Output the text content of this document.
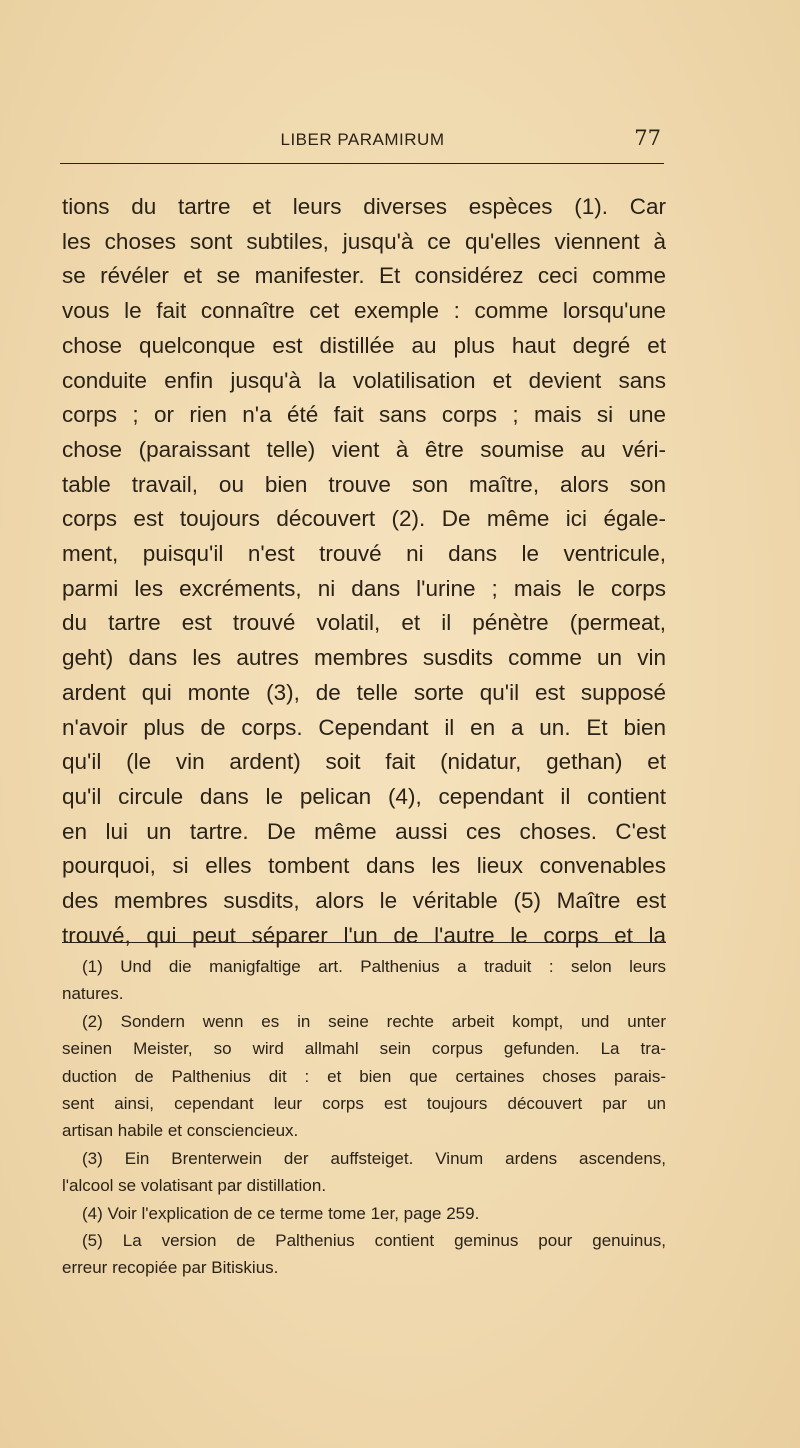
LIBER PARAMIRUM	77
tions du tartre et leurs diverses espèces (1). Car
les choses sont subtiles, jusqu'à ce qu'elles viennent à
se révéler et se manifester. Et considérez ceci comme
vous le fait connaître cet exemple : comme lorsqu'une
chose quelconque est distillée au plus haut degré et
conduite enfin jusqu'à la volatilisation et devient sans
corps ; or rien n'a été fait sans corps ; mais si une
chose (paraissant telle) vient à être soumise au véri-
table travail, ou bien trouve son maître, alors son
corps est toujours découvert (2). De même ici égale-
ment, puisqu'il n'est trouvé ni dans le ventricule,
parmi les excréments, ni dans l'urine ; mais le corps
du tartre est trouvé volatil, et il pénètre (permeat,
geht) dans les autres membres susdits comme un vin
ardent qui monte (3), de telle sorte qu'il est supposé
n'avoir plus de corps. Cependant il en a un. Et bien
qu'il (le vin ardent) soit fait (nidatur, gethan) et
qu'il circule dans le pelican (4), cependant il contient
en lui un tartre. De même aussi ces choses. C'est
pourquoi, si elles tombent dans les lieux convenables
des membres susdits, alors le véritable (5) Maître est
trouvé, qui peut séparer l'un de l'autre le corps et la
(1) Und die manigfaltige art. Palthenius a traduit : selon leurs
natures.
(2) Sondern wenn es in seine rechte arbeit kompt, und unter
seinen Meister, so wird allmahl sein corpus gefunden. La tra-
duction de Palthenius dit : et bien que certaines choses parais-
sent ainsi, cependant leur corps est toujours découvert par un
artisan habile et consciencieux.
(3) Ein Brenterwein der auffsteiget. Vinum ardens ascendens,
l'alcool se volatisant par distillation.
(4) Voir l'explication de ce terme tome 1er, page 259.
(5) La version de Palthenius contient geminus pour genuinus,
erreur recopiée par Bitiskius.
